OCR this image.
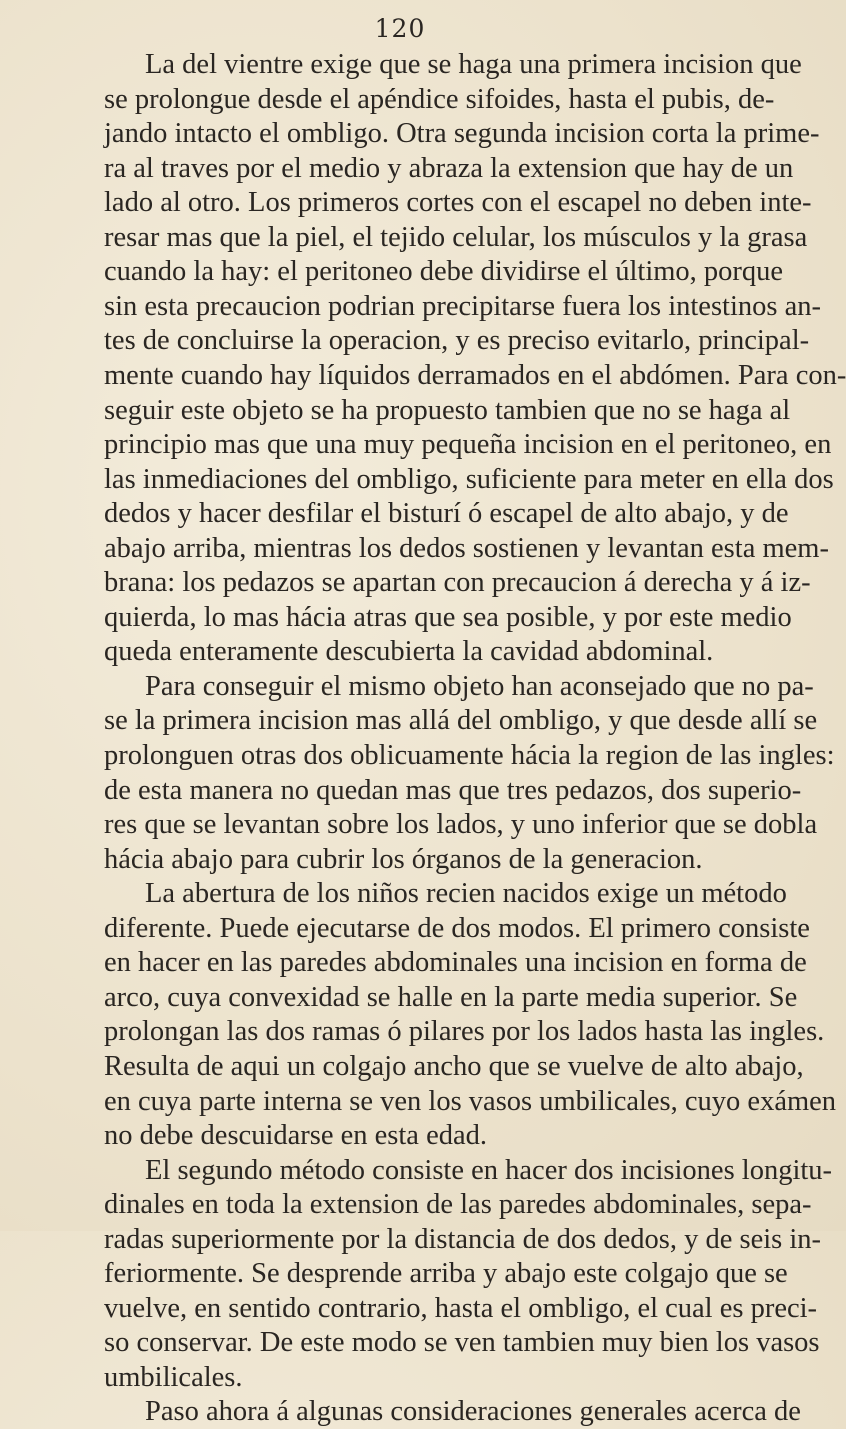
120
La del vientre exige que se haga una primera incision que
se prolongue desde el apéndice sifoides, hasta el pubis, de-
jando intacto el ombligo. Otra segunda incision corta la prime-
ra al traves por el medio y abraza la extension que hay de un
lado al otro. Los primeros cortes con el escapel no deben inte-
resar mas que la piel, el tejido celular, los músculos y la grasa
cuando la hay: el peritoneo debe dividirse el último, porque
sin esta precaucion podrian precipitarse fuera los intestinos an-
tes de concluirse la operacion, y es preciso evitarlo, principal-
mente cuando hay líquidos derramados en el abdómen. Para con-
seguir este objeto se ha propuesto tambien que no se haga al
principio mas que una muy pequeña incision en el peritoneo, en
las inmediaciones del ombligo, suficiente para meter en ella dos
dedos y hacer desfilar el bisturí ó escapel de alto abajo, y de
abajo arriba, mientras los dedos sostienen y levantan esta mem-
brana: los pedazos se apartan con precaucion á derecha y á iz-
quierda, lo mas hácia atras que sea posible, y por este medio
queda enteramente descubierta la cavidad abdominal.
Para conseguir el mismo objeto han aconsejado que no pa-
se la primera incision mas allá del ombligo, y que desde allí se
prolonguen otras dos oblicuamente hácia la region de las ingles:
de esta manera no quedan mas que tres pedazos, dos superio-
res que se levantan sobre los lados, y uno inferior que se dobla
hácia abajo para cubrir los órganos de la generacion.
La abertura de los niños recien nacidos exige un método
diferente. Puede ejecutarse de dos modos. El primero consiste
en hacer en las paredes abdominales una incision en forma de
arco, cuya convexidad se halle en la parte media superior. Se
prolongan las dos ramas ó pilares por los lados hasta las ingles.
Resulta de aqui un colgajo ancho que se vuelve de alto abajo,
en cuya parte interna se ven los vasos umbilicales, cuyo exámen
no debe descuidarse en esta edad.
El segundo método consiste en hacer dos incisiones longitu-
dinales en toda la extension de las paredes abdominales, sepa-
radas superiormente por la distancia de dos dedos, y de seis in-
feriormente. Se desprende arriba y abajo este colgajo que se
vuelve, en sentido contrario, hasta el ombligo, el cual es preci-
so conservar. De este modo se ven tambien muy bien los vasos
umbilicales.
Paso ahora á algunas consideraciones generales acerca de
